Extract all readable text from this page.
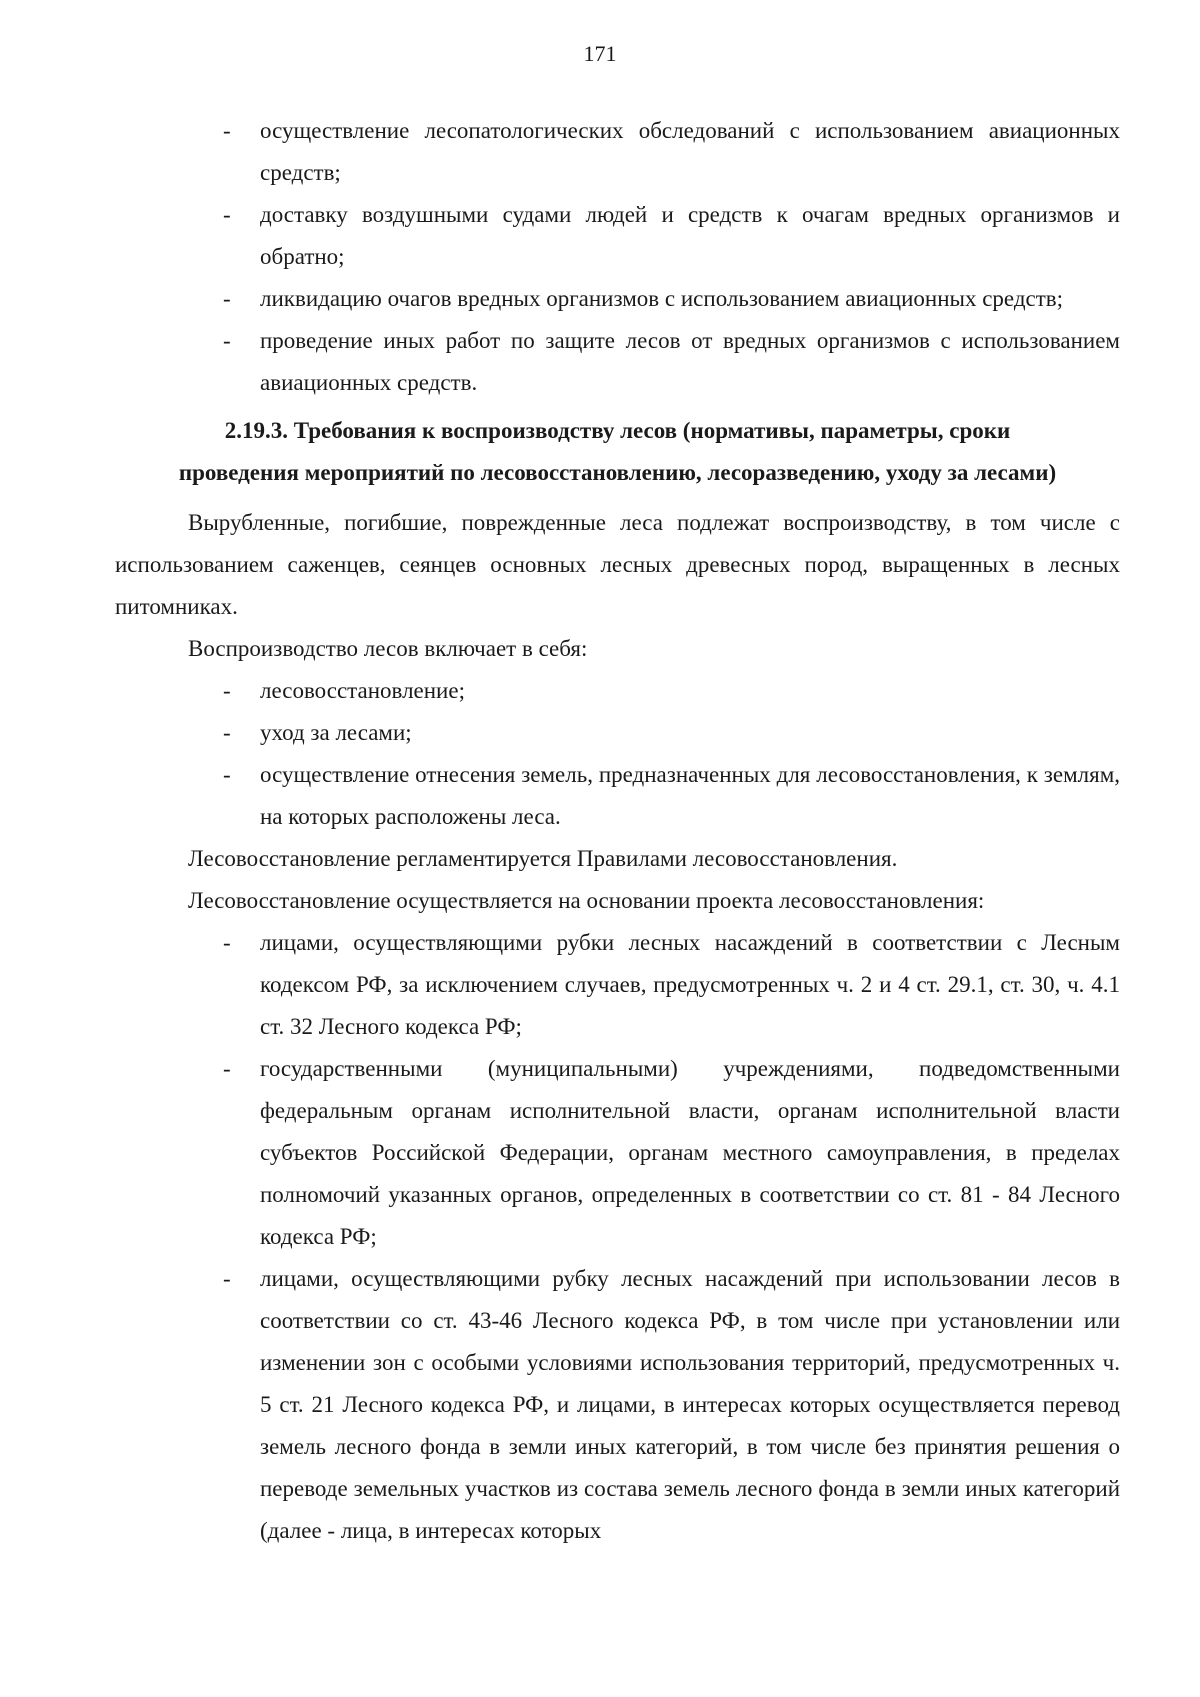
171
- осуществление лесопатологических обследований с использованием авиационных средств;
- доставку воздушными судами людей и средств к очагам вредных организмов и обратно;
- ликвидацию очагов вредных организмов с использованием авиационных средств;
- проведение иных работ по защите лесов от вредных организмов с использованием авиационных средств.
2.19.3. Требования к воспроизводству лесов (нормативы, параметры, сроки
проведения мероприятий по лесовосстановлению, лесоразведению, уходу за лесами)

Вырубленные, погибшие, поврежденные леса подлежат воспроизводству, в том числе с использованием саженцев, сеянцев основных лесных древесных пород, выращенных в лесных питомниках.

Воспроизводство лесов включает в себя:

- лесовосстановление;
- уход за лесами;
- осуществление отнесения земель, предназначенных для лесовосстановления, к землям, на которых расположены леса.

Лесовосстановление регламентируется Правилами лесовосстановления.

Лесовосстановление осуществляется на основании проекта лесовосстановления:

- лицами, осуществляющими рубки лесных насаждений в соответствии с Лесным кодексом РФ, за исключением случаев, предусмотренных ч. 2 и 4 ст. 29.1, ст. 30, ч. 4.1 ст. 32 Лесного кодекса РФ;
- государственными (муниципальными) учреждениями, подведомственными федеральным органам исполнительной власти, органам исполнительной власти субъектов Российской Федерации, органам местного самоуправления, в пределах полномочий указанных органов, определенных в соответствии со ст. 81 - 84 Лесного кодекса РФ;
- лицами, осуществляющими рубку лесных насаждений при использовании лесов в соответствии со ст. 43-46 Лесного кодекса РФ, в том числе при установлении или изменении зон с особыми условиями использования территорий, предусмотренных ч. 5 ст. 21 Лесного кодекса РФ, и лицами, в интересах которых осуществляется перевод земель лесного фонда в земли иных категорий, в том числе без принятия решения о переводе земельных участков из состава земель лесного фонда в земли иных категорий (далее - лица, в интересах которых
